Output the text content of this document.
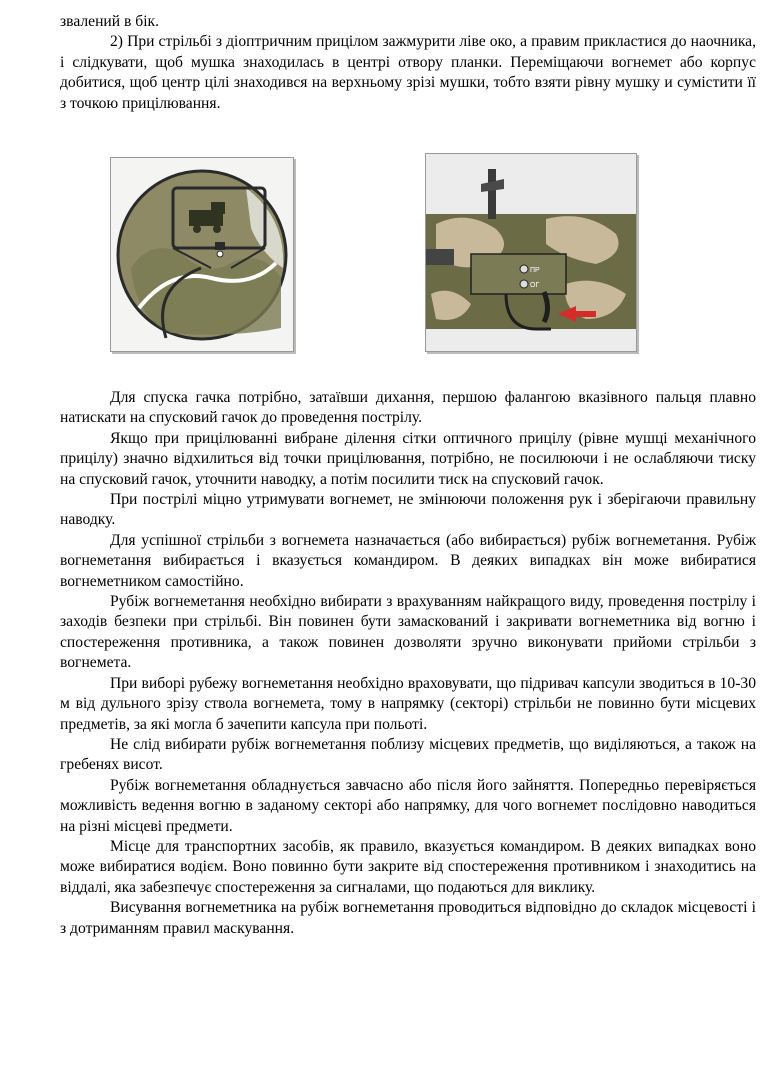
звалений в бік.

2) При стрільбі з діоптричним прицілом зажмурити ліве око, а правим прикластися до наочника, і слідкувати, щоб мушка знаходилась в центрі отвору планки. Переміщаючи вогнемет або корпус добитися, щоб центр цілі знаходився на верхньому зрізі мушки, тобто взяти рівну мушку и сумістити її з точкою прицілювання.

ПР
ОГ

Для спуска гачка потрібно, затаївши дихання, першою фалангою вказівного пальця плавно натискати на спусковий гачок до проведення пострілу.

Якщо при прицілюванні вибране ділення сітки оптичного прицілу (рівне мушці механічного прицілу) значно відхилиться від точки прицілювання, потрібно, не посилюючи і не ослабляючи тиску на спусковий гачок, уточнити наводку, а потім посилити тиск на спусковий гачок.

При пострілі міцно утримувати вогнемет, не змінюючи положення рук і зберігаючи правильну наводку.

Для успішної стрільби з вогнемета назначається (або вибирається) рубіж вогнеметання. Рубіж вогнеметання вибирається і вказується командиром. В деяких випадках він може вибиратися вогнеметником самостійно.

Рубіж вогнеметання необхідно вибирати з врахуванням найкращого виду, проведення пострілу і заходів безпеки при стрільбі. Він повинен бути замаскований і закривати вогнеметника від вогню і спостереження противника, а також повинен дозволяти зручно виконувати прийоми стрільби з вогнемета.

При виборі рубежу вогнеметання необхідно враховувати, що підривач капсули зводиться в 10-30 м від дульного зрізу ствола вогнемета, тому в напрямку (секторі) стрільби не повинно бути місцевих предметів, за які могла б зачепити капсула при польоті.

Не слід вибирати рубіж вогнеметання поблизу місцевих предметів, що виділяються, а також на гребенях висот.

Рубіж вогнеметання обладнується завчасно або після його зайняття. Попередньо перевіряється можливість ведення вогню в заданому секторі або напрямку, для чого вогнемет послідовно наводиться на різні місцеві предмети.

Місце для транспортних засобів, як правило, вказується командиром. В деяких випадках воно може вибиратися водієм. Воно повинно бути закрите від спостереження противником і знаходитись на віддалі, яка забезпечує спостереження за сигналами, що подаються для виклику.

Висування вогнеметника на рубіж вогнеметання проводиться відповідно до складок місцевості і з дотриманням правил маскування.
